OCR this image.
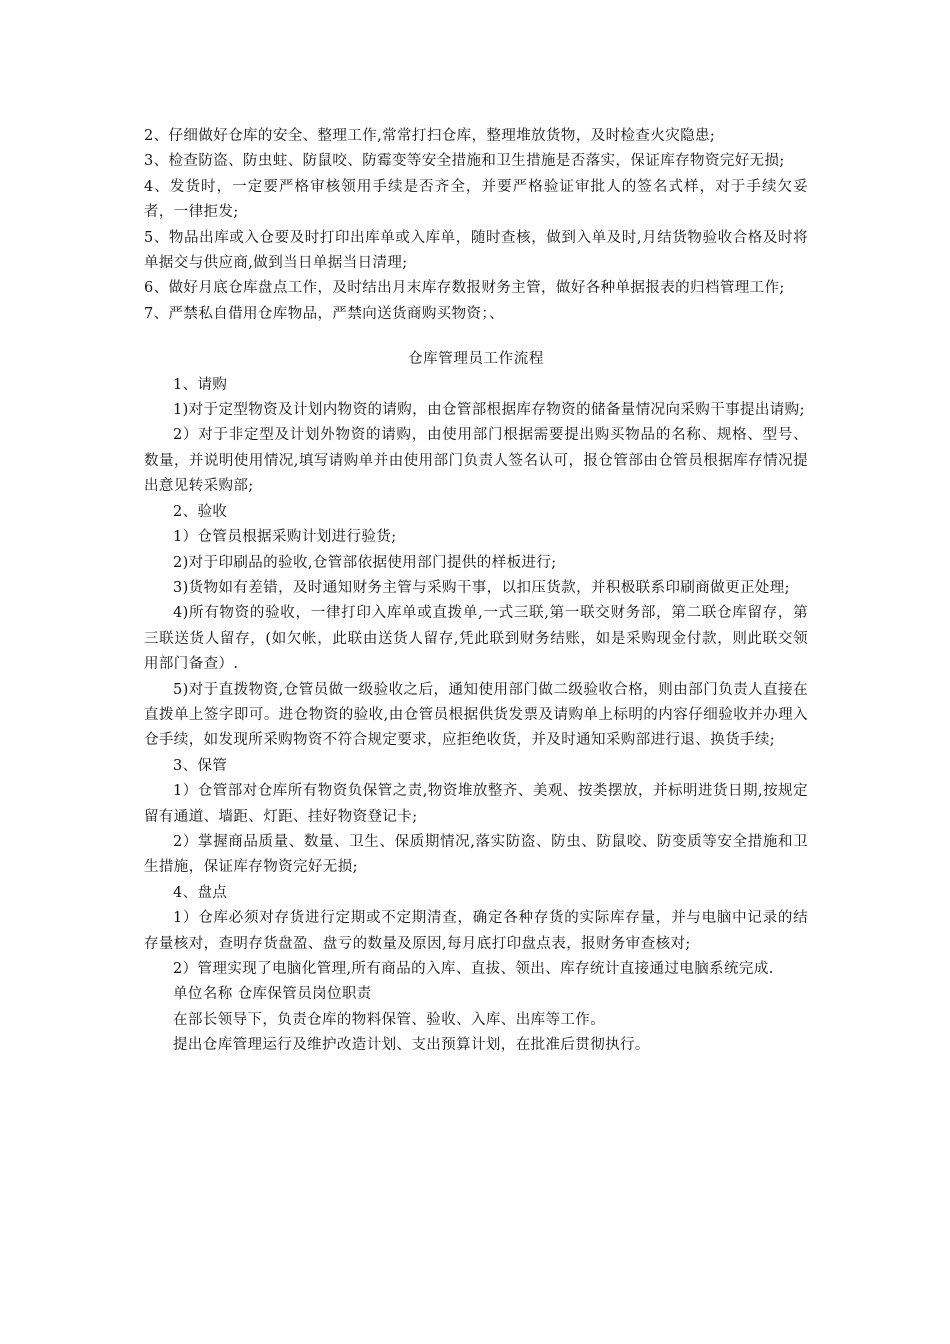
2、仔细做好仓库的安全、整理工作,常常打扫仓库，整理堆放货物，及时检查火灾隐患;

3、检查防盗、防虫蛀、防鼠咬、防霉变等安全措施和卫生措施是否落实，保证库存物资完好无损;

4、发货时，一定要严格审核领用手续是否齐全，并要严格验证审批人的签名式样，对于手续欠妥者，一律拒发;

5、物品出库或入仓要及时打印出库单或入库单，随时查核，做到入单及时,月结货物验收合格及时将单据交与供应商,做到当日单据当日清理;

6、做好月底仓库盘点工作，及时结出月末库存数报财务主管，做好各种单据报表的归档管理工作;

7、严禁私自借用仓库物品，严禁向送货商购买物资；、

仓库管理员工作流程

1、请购

1)对于定型物资及计划内物资的请购，由仓管部根据库存物资的储备量情况向采购干事提出请购;

2）对于非定型及计划外物资的请购，由使用部门根据需要提出购买物品的名称、规格、型号、数量，并说明使用情况,填写请购单并由使用部门负责人签名认可，报仓管部由仓管员根据库存情况提出意见转采购部;

2、验收

1）仓管员根据采购计划进行验货;

2)对于印刷品的验收,仓管部依据使用部门提供的样板进行;

3)货物如有差错，及时通知财务主管与采购干事，以扣压货款，并积极联系印刷商做更正处理;

4)所有物资的验收，一律打印入库单或直拨单,一式三联,第一联交财务部，第二联仓库留存，第三联送货人留存，(如欠帐，此联由送货人留存,凭此联到财务结账，如是采购现金付款，则此联交领用部门备查）.

5)对于直拨物资,仓管员做一级验收之后，通知使用部门做二级验收合格，则由部门负责人直接在直拨单上签字即可。进仓物资的验收,由仓管员根据供货发票及请购单上标明的内容仔细验收并办理入仓手续，如发现所采购物资不符合规定要求，应拒绝收货，并及时通知采购部进行退、换货手续;

3、保管

1）仓管部对仓库所有物资负保管之责,物资堆放整齐、美观、按类摆放，并标明进货日期,按规定留有通道、墙距、灯距、挂好物资登记卡;

2）掌握商品质量、数量、卫生、保质期情况,落实防盗、防虫、防鼠咬、防变质等安全措施和卫生措施，保证库存物资完好无损;

4、盘点

1）仓库必须对存货进行定期或不定期清查，确定各种存货的实际库存量，并与电脑中记录的结存量核对，查明存货盘盈、盘亏的数量及原因,每月底打印盘点表，报财务审查核对;

2）管理实现了电脑化管理,所有商品的入库、直拔、领出、库存统计直接通过电脑系统完成.

单位名称 仓库保管员岗位职责

在部长领导下，负责仓库的物料保管、验收、入库、出库等工作。

提出仓库管理运行及维护改造计划、支出预算计划，在批准后贯彻执行。
